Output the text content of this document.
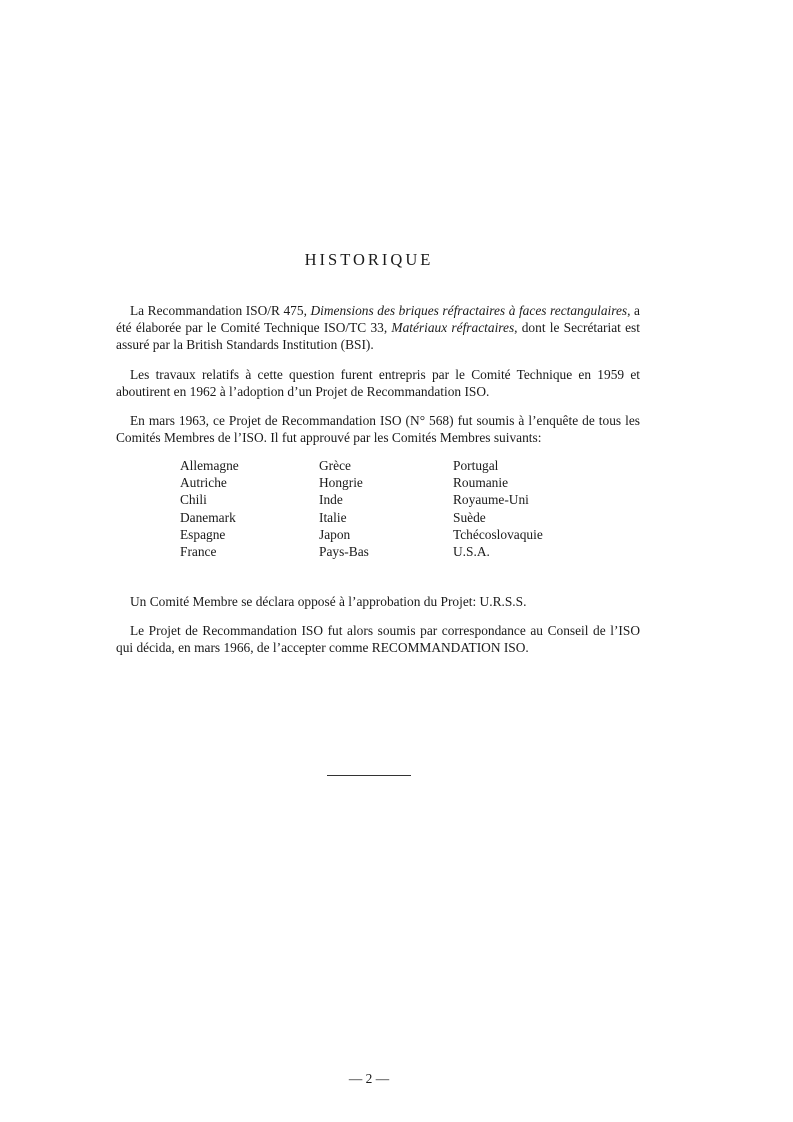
HISTORIQUE

La Recommandation ISO/R 475, Dimensions des briques réfractaires à faces rectangulaires, a été élaborée par le Comité Technique ISO/TC 33, Matériaux réfractaires, dont le Secrétariat est assuré par la British Standards Institution (BSI).

Les travaux relatifs à cette question furent entrepris par le Comité Technique en 1959 et aboutirent en 1962 à l’adoption d’un Projet de Recommandation ISO.

En mars 1963, ce Projet de Recommandation ISO (N° 568) fut soumis à l’enquête de tous les Comités Membres de l’ISO. Il fut approuvé par les Comités Membres suivants:

Allemagne
Autriche
Chili
Danemark
Espagne
France
Grèce
Hongrie
Inde
Italie
Japon
Pays-Bas
Portugal
Roumanie
Royaume-Uni
Suède
Tchécoslovaquie
U.S.A.

Un Comité Membre se déclara opposé à l’approbation du Projet: U.R.S.S.

Le Projet de Recommandation ISO fut alors soumis par correspondance au Conseil de l’ISO qui décida, en mars 1966, de l’accepter comme RECOMMANDATION ISO.

— 2 —
